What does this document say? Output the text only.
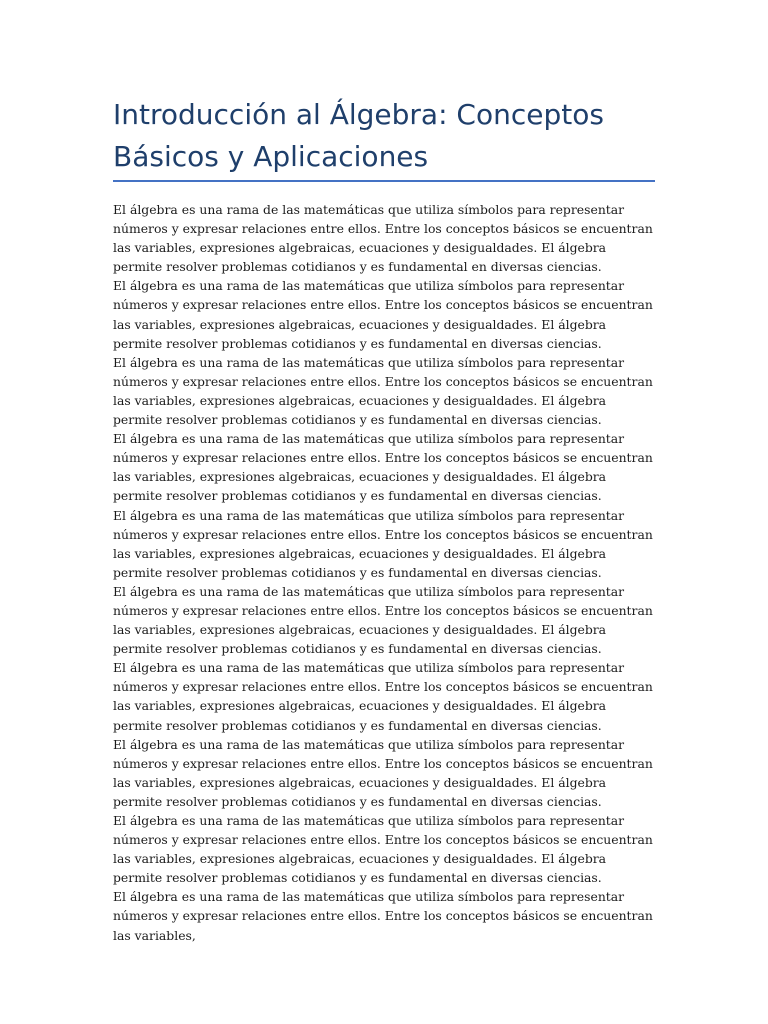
Introducción al Álgebra: Conceptos Básicos y Aplicaciones

El álgebra es una rama de las matemáticas que utiliza símbolos para representar números y expresar relaciones entre ellos. Entre los conceptos básicos se encuentran las variables, expresiones algebraicas, ecuaciones y desigualdades. El álgebra permite resolver problemas cotidianos y es fundamental en diversas ciencias.

El álgebra es una rama de las matemáticas que utiliza símbolos para representar números y expresar relaciones entre ellos. Entre los conceptos básicos se encuentran las variables, expresiones algebraicas, ecuaciones y desigualdades. El álgebra permite resolver problemas cotidianos y es fundamental en diversas ciencias.

El álgebra es una rama de las matemáticas que utiliza símbolos para representar números y expresar relaciones entre ellos. Entre los conceptos básicos se encuentran las variables, expresiones algebraicas, ecuaciones y desigualdades. El álgebra permite resolver problemas cotidianos y es fundamental en diversas ciencias.

El álgebra es una rama de las matemáticas que utiliza símbolos para representar números y expresar relaciones entre ellos. Entre los conceptos básicos se encuentran las variables, expresiones algebraicas, ecuaciones y desigualdades. El álgebra permite resolver problemas cotidianos y es fundamental en diversas ciencias.

El álgebra es una rama de las matemáticas que utiliza símbolos para representar números y expresar relaciones entre ellos. Entre los conceptos básicos se encuentran las variables, expresiones algebraicas, ecuaciones y desigualdades. El álgebra permite resolver problemas cotidianos y es fundamental en diversas ciencias.

El álgebra es una rama de las matemáticas que utiliza símbolos para representar números y expresar relaciones entre ellos. Entre los conceptos básicos se encuentran las variables, expresiones algebraicas, ecuaciones y desigualdades. El álgebra permite resolver problemas cotidianos y es fundamental en diversas ciencias.

El álgebra es una rama de las matemáticas que utiliza símbolos para representar números y expresar relaciones entre ellos. Entre los conceptos básicos se encuentran las variables, expresiones algebraicas, ecuaciones y desigualdades. El álgebra permite resolver problemas cotidianos y es fundamental en diversas ciencias.

El álgebra es una rama de las matemáticas que utiliza símbolos para representar números y expresar relaciones entre ellos. Entre los conceptos básicos se encuentran las variables, expresiones algebraicas, ecuaciones y desigualdades. El álgebra permite resolver problemas cotidianos y es fundamental en diversas ciencias.

El álgebra es una rama de las matemáticas que utiliza símbolos para representar números y expresar relaciones entre ellos. Entre los conceptos básicos se encuentran las variables, expresiones algebraicas, ecuaciones y desigualdades. El álgebra permite resolver problemas cotidianos y es fundamental en diversas ciencias.

El álgebra es una rama de las matemáticas que utiliza símbolos para representar números y expresar relaciones entre ellos. Entre los conceptos básicos se encuentran las variables,
